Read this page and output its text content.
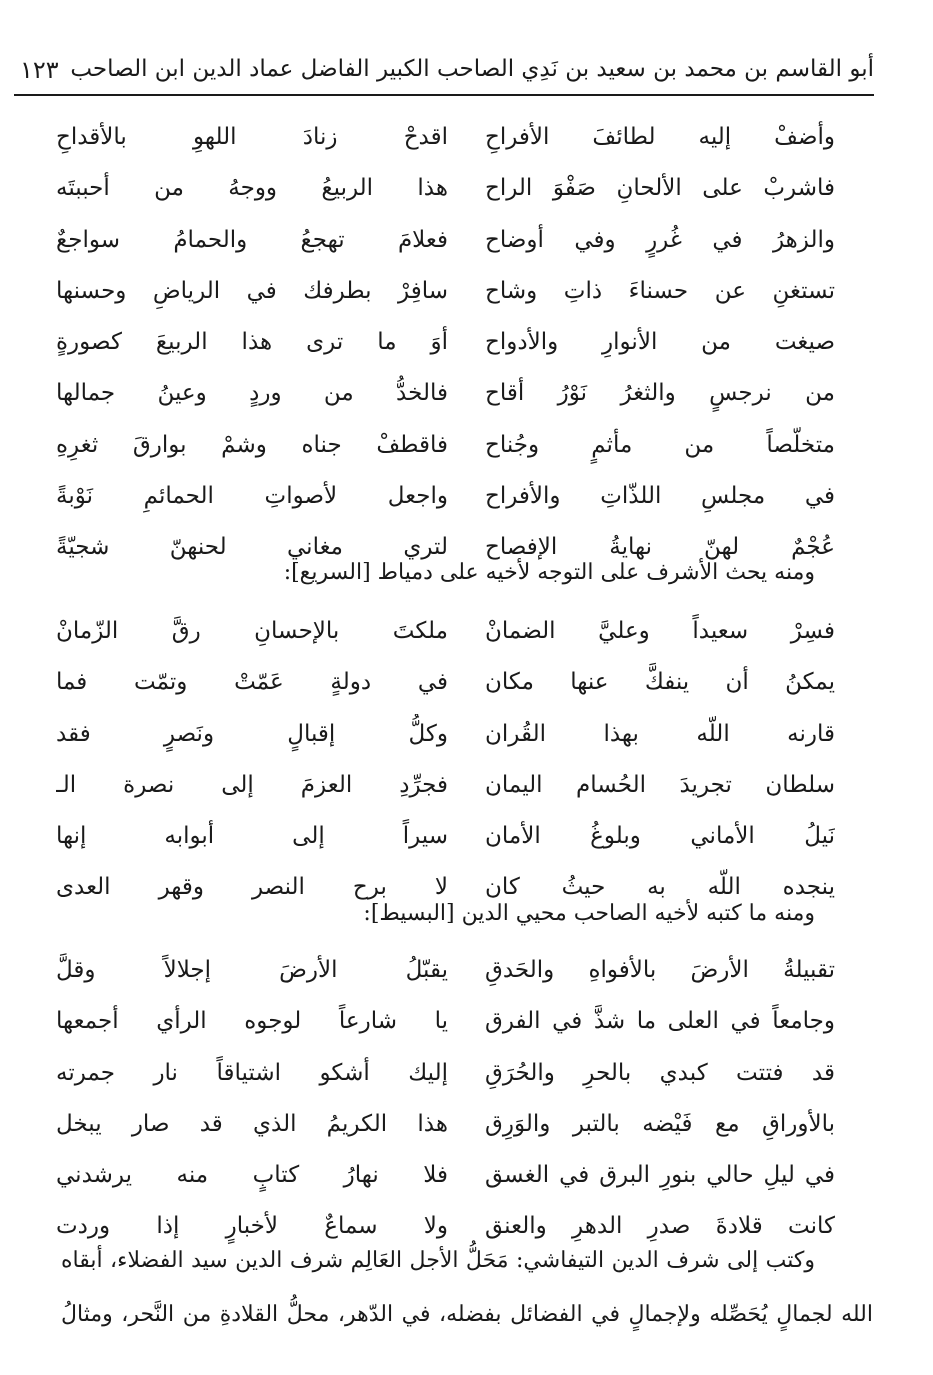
أبو القاسم بن محمد بن سعيد بن نَدِي الصاحب الكبير الفاضل عماد الدين ابن الصاحب
١٢٣
اقدحْ زنادَ اللهوِ بالأقداحِ وأضفْ إليه لطائفَ الأفراحِ
هذا الربيعُ ووجهُ من أحببتَه فاشربْ على الألحانِ صَفْوَ الراح
فعلامَ تهجعُ والحمامُ سواجعٌ والزهرُ في غُررٍ وفي أوضاح
سافِرْ بطرفك في الرياضِ وحسنها تستغنِ عن حسناءَ ذاتِ وشاح
أوَ ما ترى هذا الربيعَ كصورةٍ صيغت من الأنوارِ والأدواح
فالخدُّ من وردٍ وعينُ جمالها من نرجسٍ والثغرُ نَوْرُ أقاح
فاقطفْ جناه وشمْ بوارقَ ثغرِهِ متخلّصاً من مأثمٍ وجُناح
واجعل لأصواتِ الحمائمِ نَوْبةً في مجلسِ اللذّاتِ والأفراح
لتري مغاني لحنهنّ شجيّةً عُجْمٌ لهنّ نهايةُ الإفصاح
ومنه يحث الأشرف على التوجه لأخيه على دمياط [السريع]:
ملكتَ بالإحسانِ رقَّ الزّمانْ فسِرْ سعيداً وعليَّ الضمانْ
في دولةٍ عَمّتْ وتمّت فما يمكنُ أن ينفكَّ عنها مكان
وكلُّ إقبالٍ ونَصرٍ فقد قارنه اللّه بهذا القُران
فجرِّدِ العزمَ إلى نصرة الـ سلطان تجريدَ الحُسام اليمان
سيراً إلى أبوابه إنها نَيلُ الأماني وبلوغُ الأمان
لا برح النصر وقهر العدى ينجده اللّه به حيثُ كان
ومنه ما كتبه لأخيه الصاحب محيي الدين [البسيط]:
يقبّلُ الأرضَ إجلالاً وقلَّ تقبيلةُ الأرضَ بالأفواهِ والحَدقِ
يا شارعاً لوجوه الرأي أجمعها وجامعاً في العلى ما شذَّ في الفرق
إليك أشكو اشتياقاً نار جمرته قد فتتت كبدي بالحرِ والحُرَقِ
هذا الكريمُ الذي قد صار يبخل بالأوراقِ مع فَيْضه بالتبر والوَرِق
فلا نهارُ كتابٍ منه يرشدني في ليلِ حالي بنورِ البرق في الغسق
ولا سماعٌ لأخبارٍ إذا وردت كانت قلادةَ صدرِ الدهرِ والعنق
وكتب إلى شرف الدين التيفاشي: مَحَلُّ الأجل العَالِم شرف الدين سيد الفضلاء، أبقاه
الله لجمالٍ يُحَصِّله ولإجمالٍ في الفضائل بفضله، في الدّهر، محلُّ القلادةِ من النَّحر، ومثالُ
